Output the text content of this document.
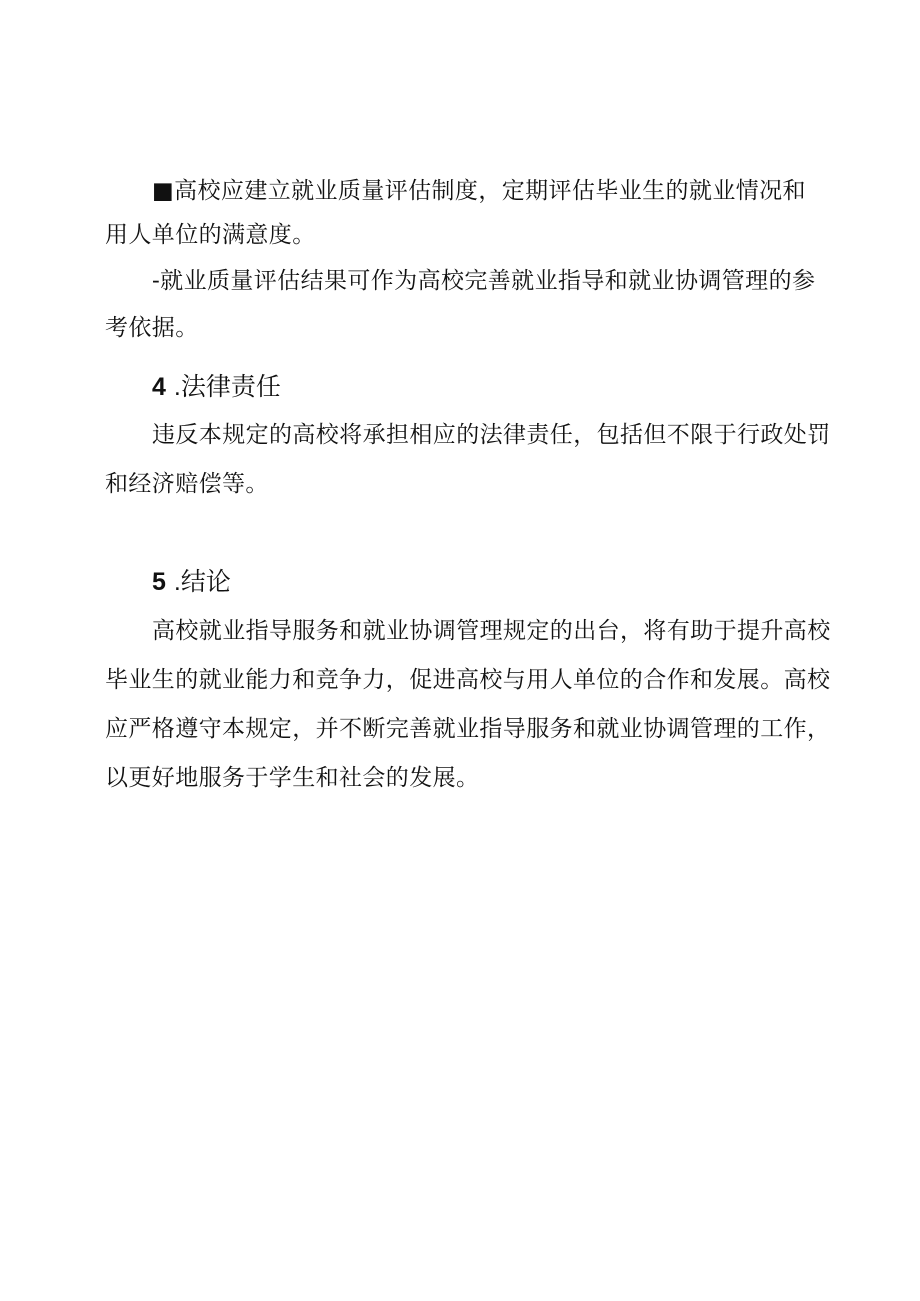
■高校应建立就业质量评估制度，定期评估毕业生的就业情况和
用人单位的满意度。
-就业质量评估结果可作为高校完善就业指导和就业协调管理的参
考依据。
4 .法律责任
违反本规定的高校将承担相应的法律责任，包括但不限于行政处罚
和经济赔偿等。
5 .结论
高校就业指导服务和就业协调管理规定的出台，将有助于提升高校
毕业生的就业能力和竞争力，促进高校与用人单位的合作和发展。高校
应严格遵守本规定，并不断完善就业指导服务和就业协调管理的工作，
以更好地服务于学生和社会的发展。
